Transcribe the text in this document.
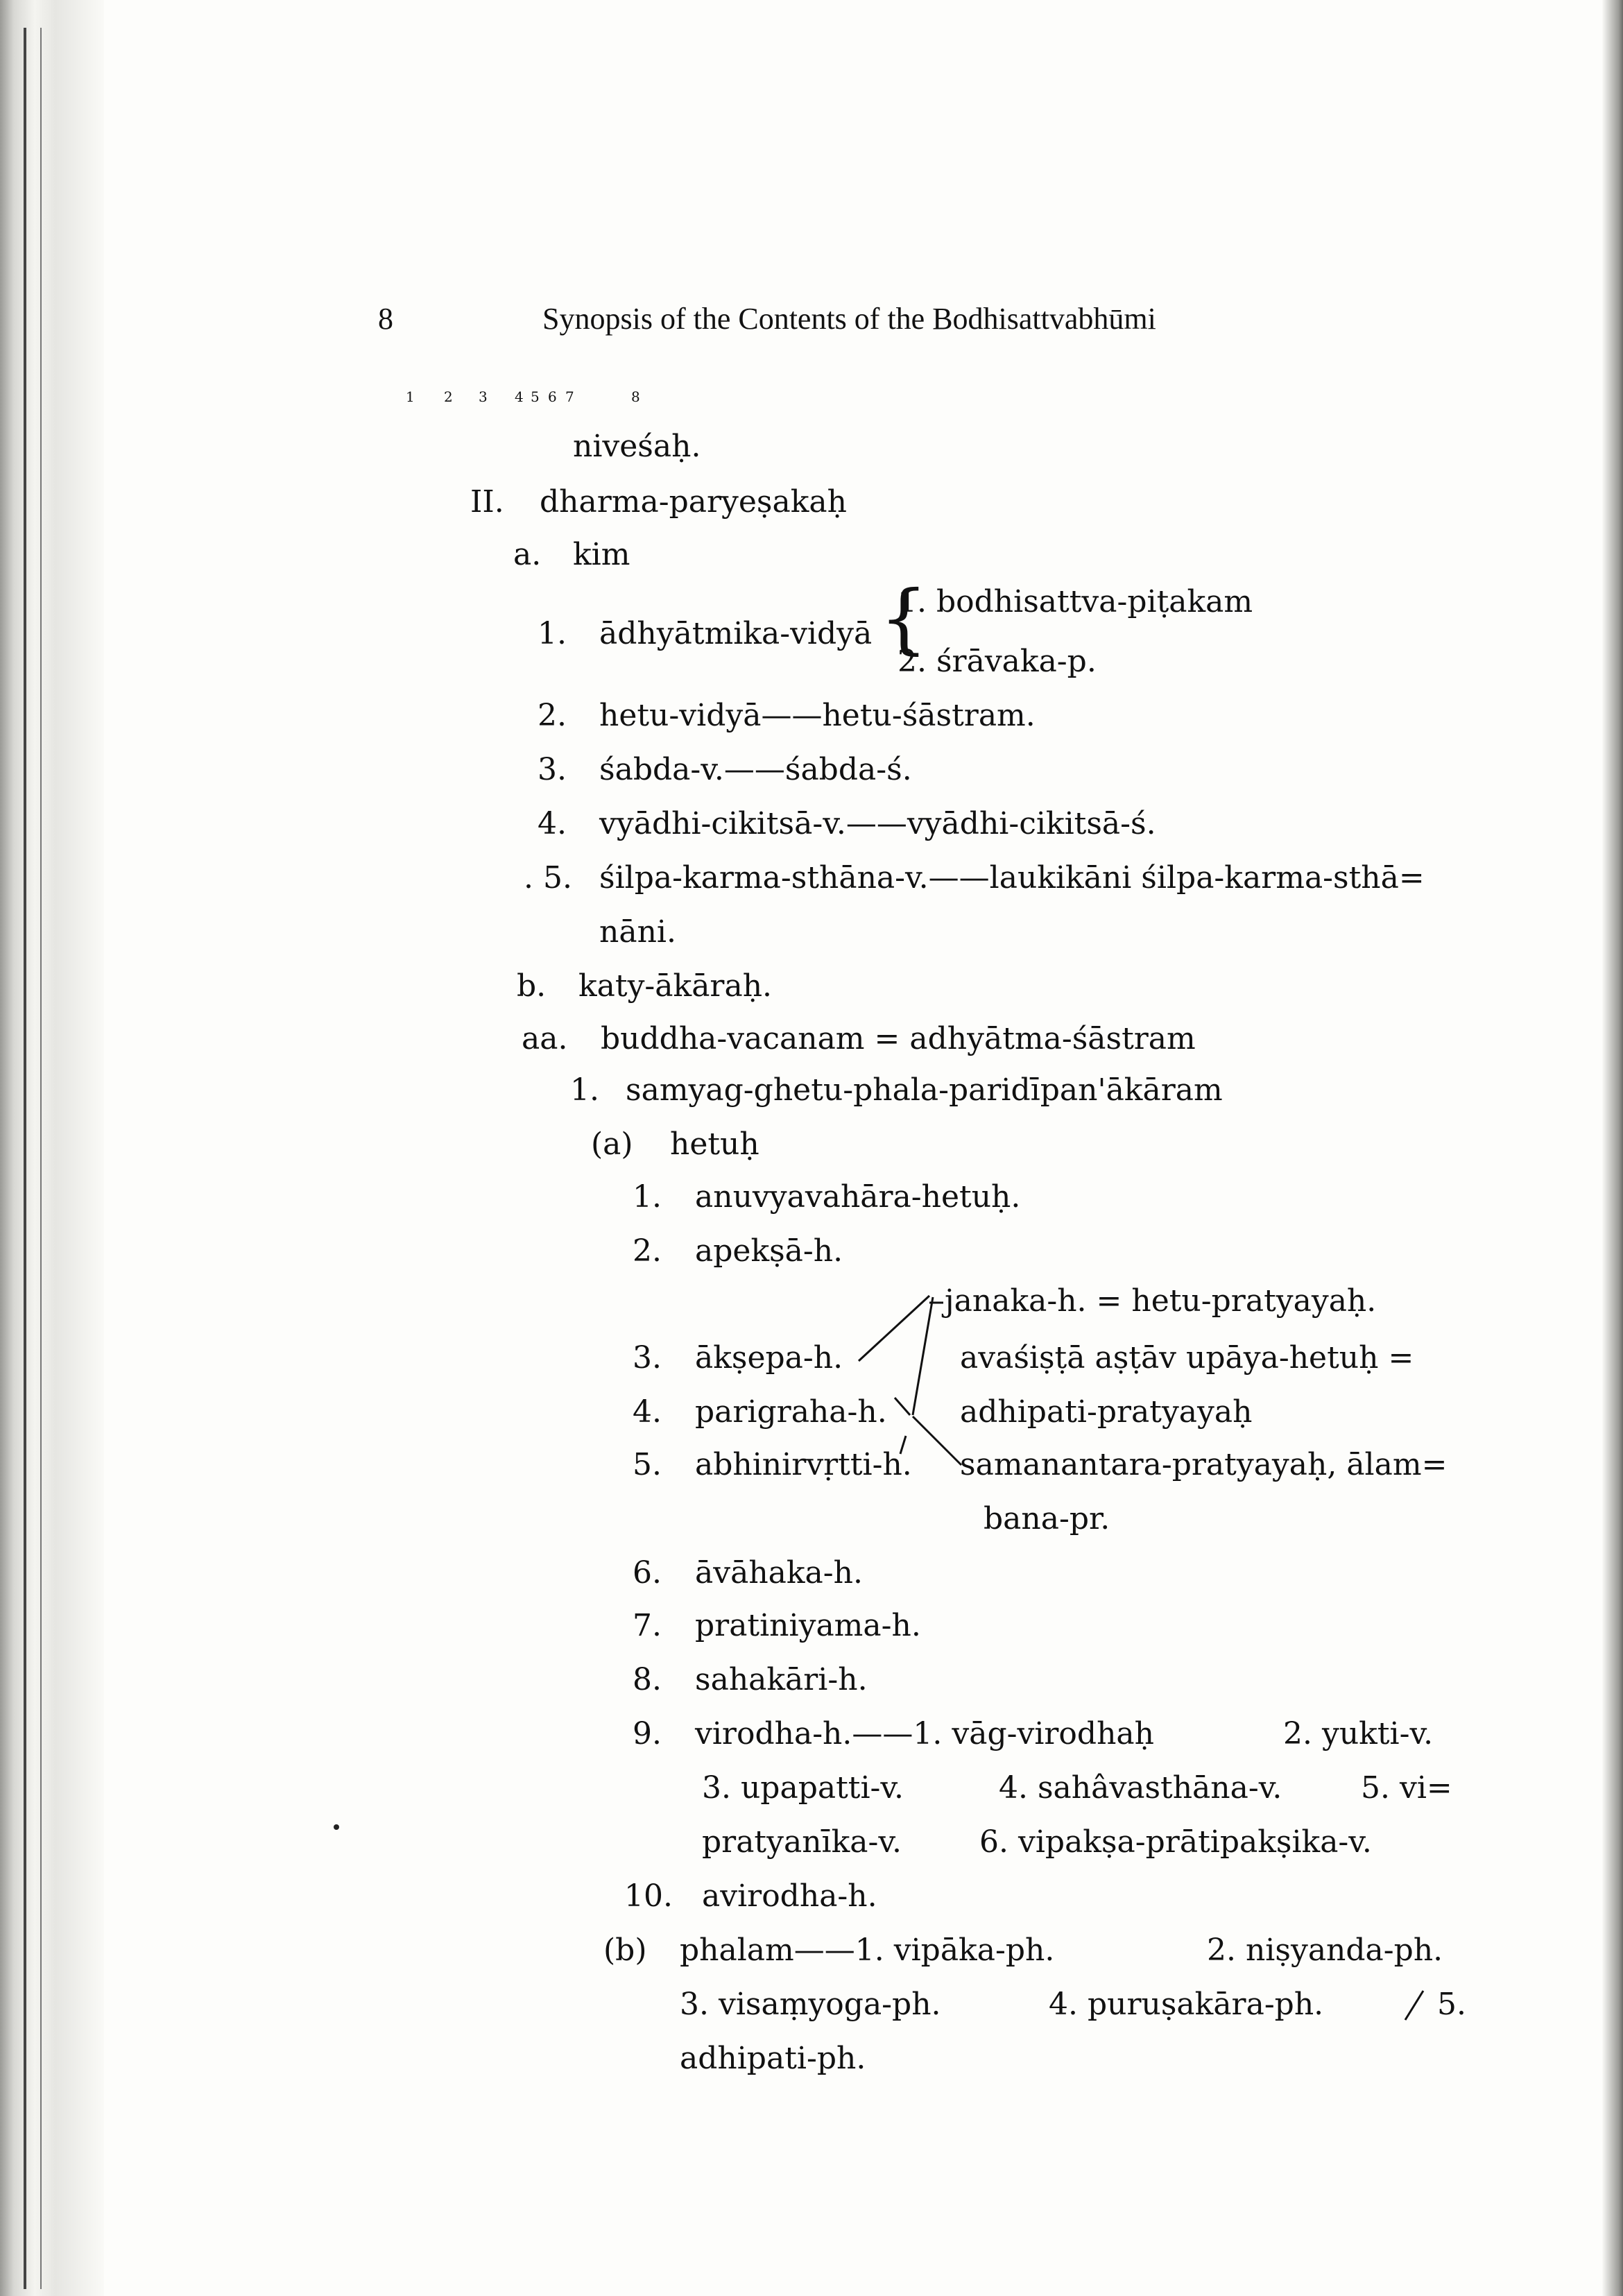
8	Synopsis of the Contents of the Bodhisattvabhūmi
1 2 3 4 5 6 7	8
niveśaḥ.
II. dharma-paryeṣakaḥ
a. kim
1. ādhyātmika-vidyā {
1. bodhisattva-piṭakam
2. śrāvaka-p.
2. hetu-vidyā——hetu-śāstram.
3. śabda-v.——śabda-ś.
4. vyādhi-cikitsā-v.——vyādhi-cikitsā-ś.
. 5. śilpa-karma-sthāna-v.——laukikāni śilpa-karma-sthā=
nāni.
b. katy-ākāraḥ.
aa. buddha-vacanam = adhyātma-śāstram
1. samyag-ghetu-phala-paridīpan'ākāram
(a) hetuḥ
1. anuvyavahāra-hetuḥ.
2. apekṣā-h.
janaka-h. = hetu-pratyayaḥ.
3. ākṣepa-h.	avaśiṣṭā aṣṭāv upāya-hetuḥ =
4. parigraha-h. adhipati-pratyayaḥ
5. abhinirvṛtti-h. samanantara-pratyayaḥ, ālam=
bana-pr.
6. āvāhaka-h.
7. pratiniyama-h.
8. sahakāri-h.
9. virodha-h.——1. vāg-virodhaḥ	2. yukti-v.
3. upapatti-v.	4. sahâvasthāna-v.	5. vi=
pratyanīka-v.	6. vipakṣa-prātipakṣika-v.
10. avirodha-h.
(b) phalam——1. vipāka-ph.	2. niṣyanda-ph.
3. visaṃyoga-ph.	4. puruṣakāra-ph.	5.
adhipati-ph.
